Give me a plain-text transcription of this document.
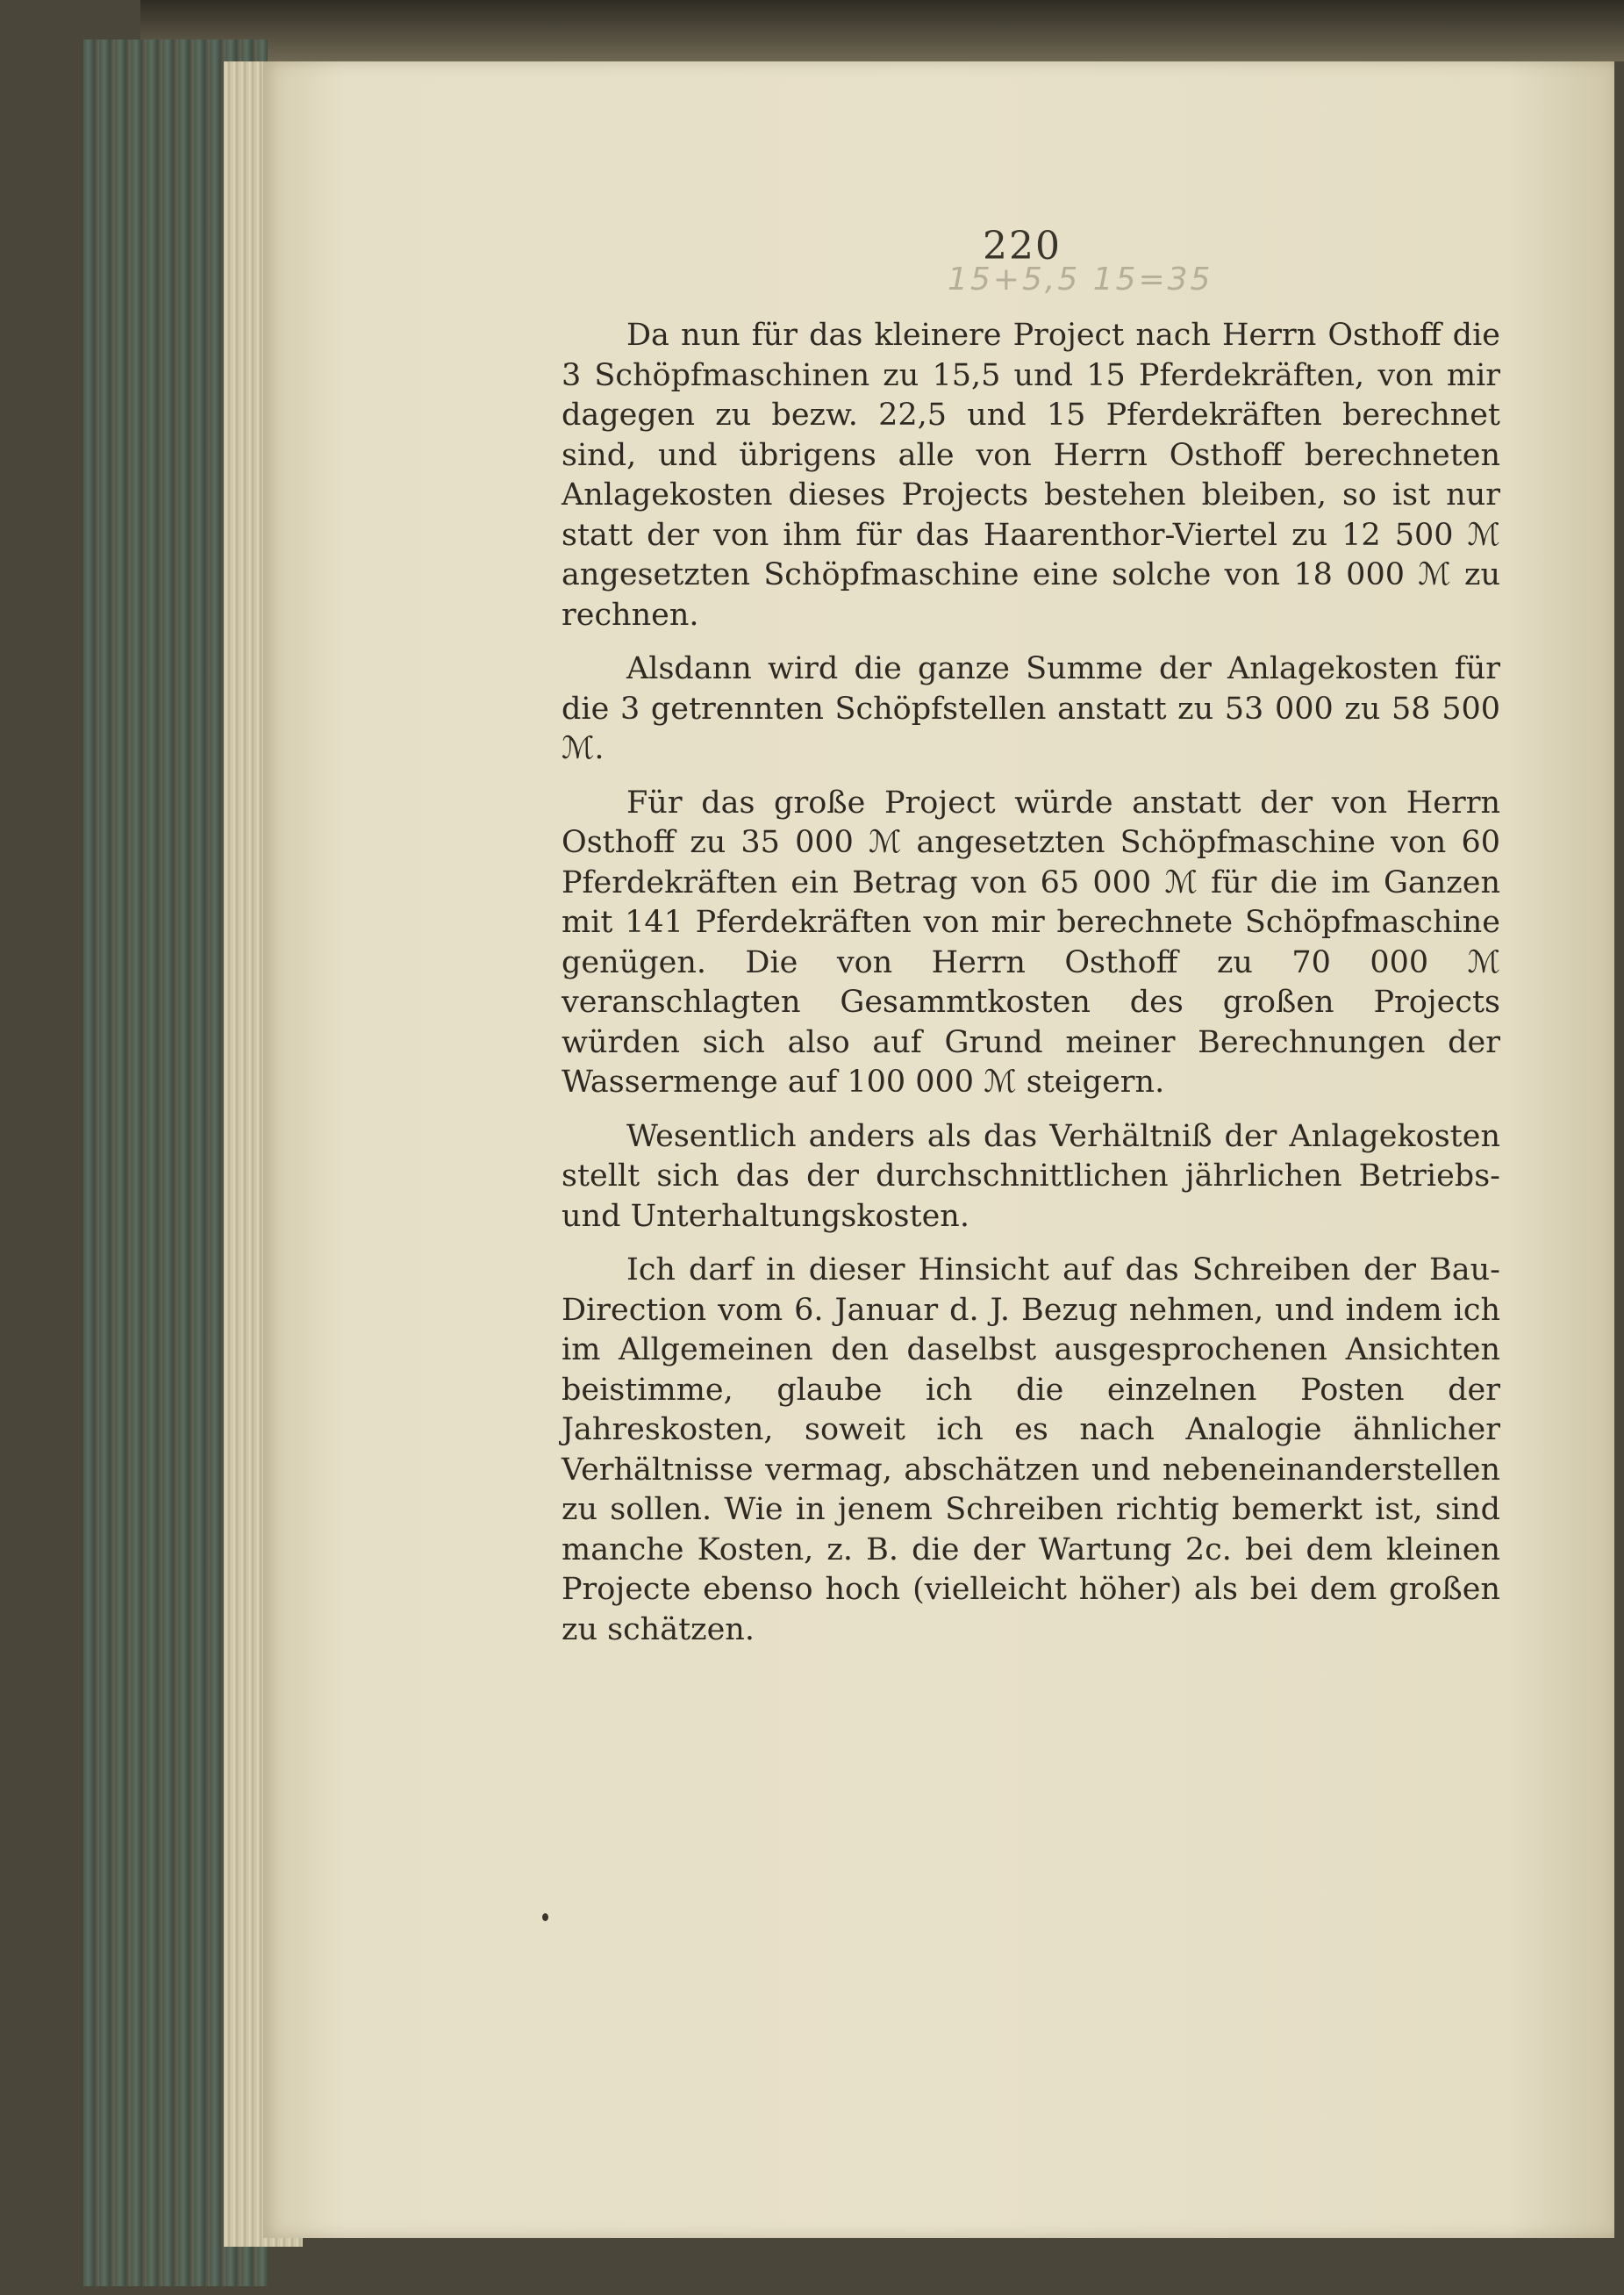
220
15+5,5 15=35

Da nun für das kleinere Project nach Herrn Osthoff die 3 Schöpfmaschinen zu 15,5 und 15 Pferdekräften, von mir dagegen zu bezw. 22,5 und 15 Pferdekräften berechnet sind, und übrigens alle von Herrn Osthoff berechneten Anlagekosten dieses Projects bestehen bleiben, so ist nur statt der von ihm für das Haarenthor-Viertel zu 12 500 ℳ angesetzten Schöpfmaschine eine solche von 18 000 ℳ zu rechnen.

Alsdann wird die ganze Summe der Anlagekosten für die 3 getrennten Schöpfstellen anstatt zu 53 000 zu 58 500 ℳ.

Für das große Project würde anstatt der von Herrn Osthoff zu 35 000 ℳ angesetzten Schöpfmaschine von 60 Pferdekräften ein Betrag von 65 000 ℳ für die im Ganzen mit 141 Pferdekräften von mir berechnete Schöpfmaschine genügen. Die von Herrn Osthoff zu 70 000 ℳ veranschlagten Gesammtkosten des großen Projects würden sich also auf Grund meiner Berechnungen der Wassermenge auf 100 000 ℳ steigern.

Wesentlich anders als das Verhältniß der Anlagekosten stellt sich das der durchschnittlichen jährlichen Betriebs- und Unterhaltungskosten.

Ich darf in dieser Hinsicht auf das Schreiben der Bau-Direction vom 6. Januar d. J. Bezug nehmen, und indem ich im Allgemeinen den daselbst ausgesprochenen Ansichten beistimme, glaube ich die einzelnen Posten der Jahreskosten, soweit ich es nach Analogie ähnlicher Verhältnisse vermag, abschätzen und nebeneinanderstellen zu sollen. Wie in jenem Schreiben richtig bemerkt ist, sind manche Kosten, z. B. die der Wartung 2c. bei dem kleinen Projecte ebenso hoch (vielleicht höher) als bei dem großen zu schätzen.
